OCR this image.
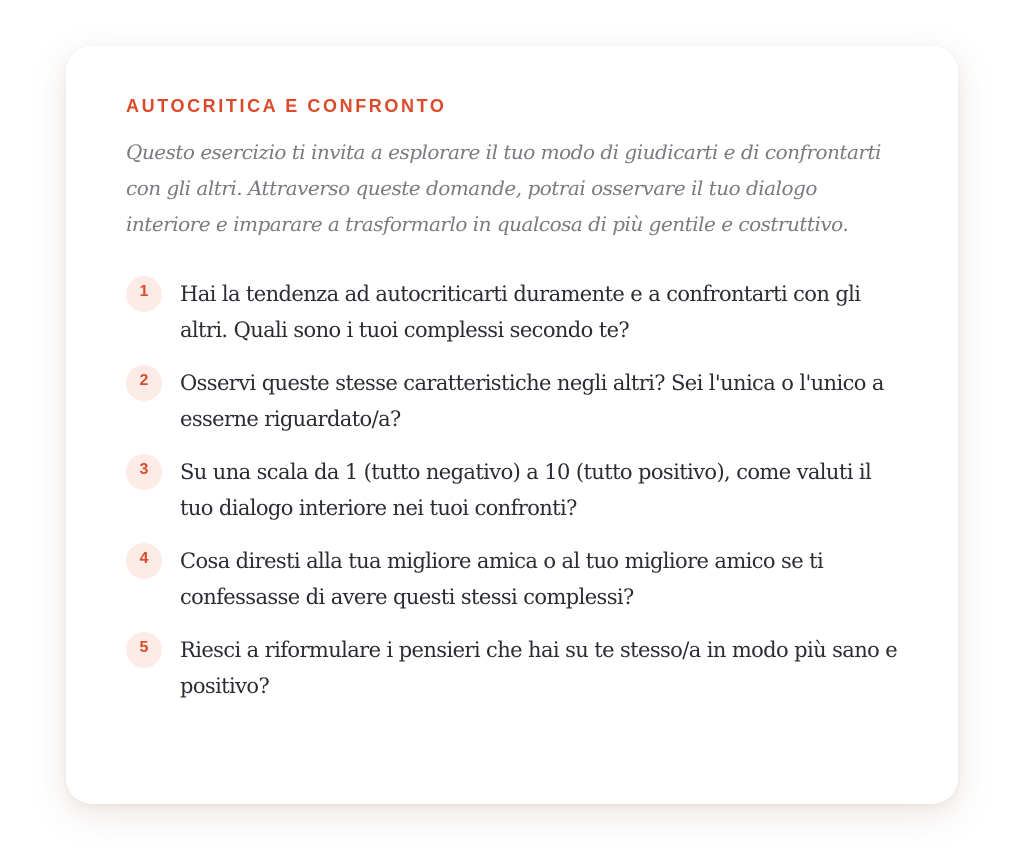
AUTOCRITICA E CONFRONTO

Questo esercizio ti invita a esplorare il tuo modo di giudicarti e di confrontarti con gli altri. Attraverso queste domande, potrai osservare il tuo dialogo interiore e imparare a trasformarlo in qualcosa di più gentile e costruttivo.

1	Hai la tendenza ad autocriticarti duramente e a confrontarti con gli altri. Quali sono i tuoi complessi secondo te?
2	Osservi queste stesse caratteristiche negli altri? Sei l'unica o l'unico a esserne riguardato/a?
3	Su una scala da 1 (tutto negativo) a 10 (tutto positivo), come valuti il tuo dialogo interiore nei tuoi confronti?
4	Cosa diresti alla tua migliore amica o al tuo migliore amico se ti confessasse di avere questi stessi complessi?
5	Riesci a riformulare i pensieri che hai su te stesso/a in modo più sano e positivo?
